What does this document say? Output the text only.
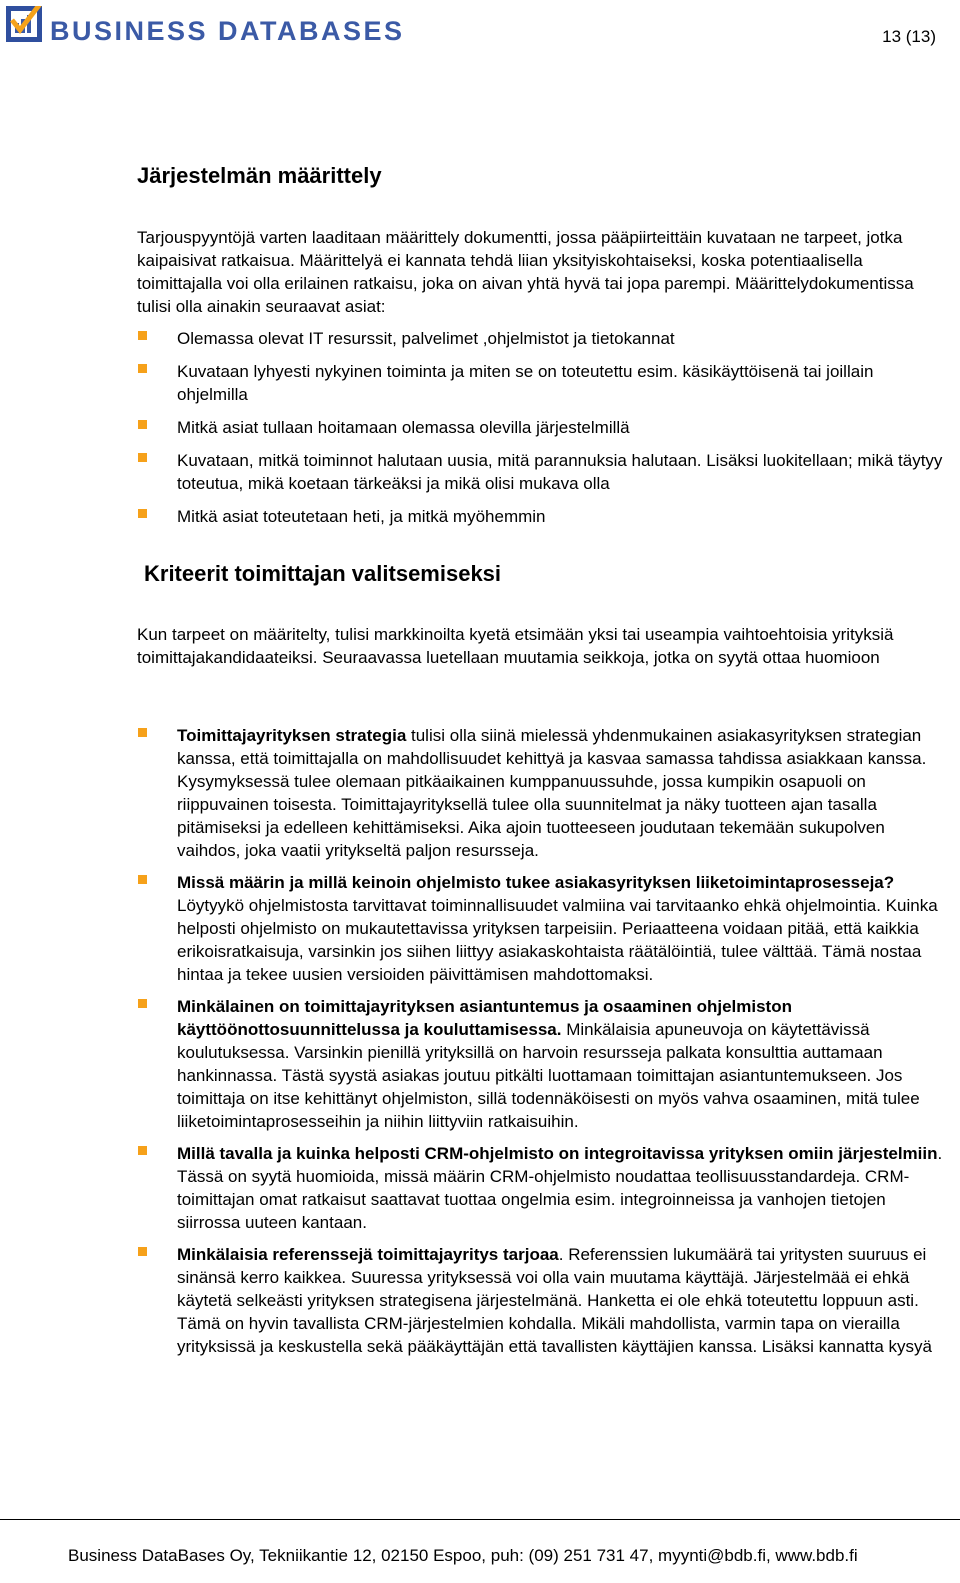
BUSINESS DATABASES	13 (13)
Järjestelmän määrittely

Tarjouspyyntöjä varten laaditaan määrittely dokumentti, jossa pääpiirteittäin kuvataan ne tarpeet, jotka kaipaisivat ratkaisua. Määrittelyä ei kannata tehdä liian yksityiskohtaiseksi, koska potentiaalisella toimittajalla voi olla erilainen ratkaisu, joka on aivan yhtä hyvä tai jopa parempi. Määrittelydokumentissa tulisi olla ainakin seuraavat asiat:

Olemassa olevat IT resurssit, palvelimet ,ohjelmistot ja tietokannat
Kuvataan lyhyesti nykyinen toiminta ja miten se on toteutettu esim. käsikäyttöisenä tai joillain ohjelmilla
Mitkä asiat tullaan hoitamaan olemassa olevilla järjestelmillä
Kuvataan, mitkä toiminnot halutaan uusia, mitä parannuksia halutaan. Lisäksi luokitellaan; mikä täytyy toteutua, mikä koetaan tärkeäksi ja mikä olisi mukava olla
Mitkä asiat toteutetaan heti, ja mitkä myöhemmin
Kriteerit toimittajan valitsemiseksi

Kun tarpeet on määritelty, tulisi markkinoilta kyetä etsimään yksi tai useampia vaihtoehtoisia yrityksiä toimittajakandidaateiksi. Seuraavassa luetellaan muutamia seikkoja, jotka on syytä ottaa huomioon

Toimittajayrityksen strategia tulisi olla siinä mielessä yhdenmukainen asiakasyrityksen strategian kanssa, että toimittajalla on mahdollisuudet kehittyä ja kasvaa samassa tahdissa asiakkaan kanssa. Kysymyksessä tulee olemaan pitkäaikainen kumppanuussuhde, jossa kumpikin osapuoli on riippuvainen toisesta. Toimittajayrityksellä tulee olla suunnitelmat ja näky tuotteen ajan tasalla pitämiseksi ja edelleen kehittämiseksi. Aika ajoin tuotteeseen joudutaan tekemään sukupolven vaihdos, joka vaatii yritykseltä paljon resursseja.
Missä määrin ja millä keinoin ohjelmisto tukee asiakasyrityksen liiketoimintaprosesseja? Löytyykö ohjelmistosta tarvittavat toiminnallisuudet valmiina vai tarvitaanko ehkä ohjelmointia. Kuinka helposti ohjelmisto on mukautettavissa yrityksen tarpeisiin. Periaatteena voidaan pitää, että kaikkia erikoisratkaisuja, varsinkin jos siihen liittyy asiakaskohtaista räätälöintiä, tulee välttää. Tämä nostaa hintaa ja tekee uusien versioiden päivittämisen mahdottomaksi.
Minkälainen on toimittajayrityksen asiantuntemus ja osaaminen ohjelmiston käyttöönottosuunnittelussa ja kouluttamisessa. Minkälaisia apuneuvoja on käytettävissä koulutuksessa. Varsinkin pienillä yrityksillä on harvoin resursseja palkata konsulttia auttamaan hankinnassa. Tästä syystä asiakas joutuu pitkälti luottamaan toimittajan asiantuntemukseen. Jos toimittaja on itse kehittänyt ohjelmiston, sillä todennäköisesti on myös vahva osaaminen, mitä tulee liiketoimintaprosesseihin ja niihin liittyviin ratkaisuihin.
Millä tavalla ja kuinka helposti CRM-ohjelmisto on integroitavissa yrityksen omiin järjestelmiin. Tässä on syytä huomioida, missä määrin CRM-ohjelmisto noudattaa teollisuusstandardeja. CRM-toimittajan omat ratkaisut saattavat tuottaa ongelmia esim. integroinneissa ja vanhojen tietojen siirrossa uuteen kantaan.
Minkälaisia referenssejä toimittajayritys tarjoaa. Referenssien lukumäärä tai yritysten suuruus ei sinänsä kerro kaikkea. Suuressa yrityksessä voi olla vain muutama käyttäjä. Järjestelmää ei ehkä käytetä selkeästi yrityksen strategisena järjestelmänä. Hanketta ei ole ehkä toteutettu loppuun asti. Tämä on hyvin tavallista CRM-järjestelmien kohdalla. Mikäli mahdollista, varmin tapa on vierailla yrityksissä ja keskustella sekä pääkäyttäjän että tavallisten käyttäjien kanssa. Lisäksi kannatta kysyä
Business DataBases Oy, Tekniikantie 12, 02150 Espoo, puh: (09) 251 731 47, myynti@bdb.fi, www.bdb.fi
